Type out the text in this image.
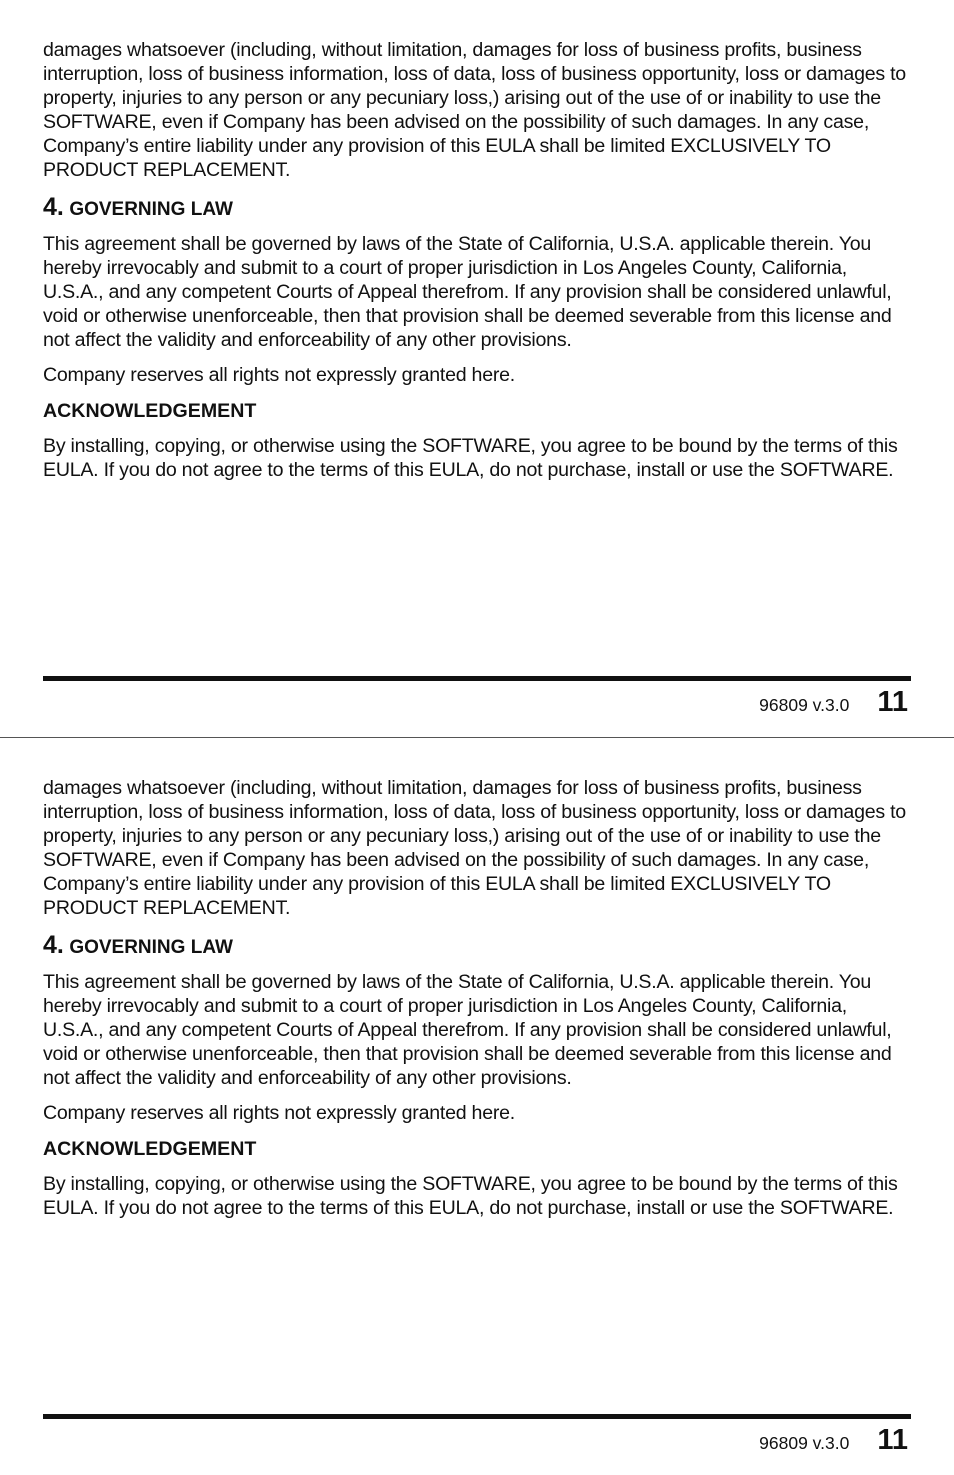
damages whatsoever (including, without limitation, damages for loss of business profits, business interruption, loss of business information, loss of data, loss of business opportunity, loss or damages to property, injuries to any person or any pecuniary loss,) arising out of the use of or inability to use the SOFTWARE, even if Company has been advised on the possibility of such damages. In any case, Company’s entire liability under any provision of this EULA shall be limited EXCLUSIVELY TO PRODUCT REPLACEMENT.

4. GOVERNING LAW

This agreement shall be governed by laws of the State of California, U.S.A. applicable therein. You hereby irrevocably and submit to a court of proper jurisdiction in Los Angeles County, California, U.S.A., and any competent Courts of Appeal therefrom. If any provision shall be considered unlawful, void or otherwise unenforceable, then that provision shall be deemed severable from this license and not affect the validity and enforceability of any other provisions.

Company reserves all rights not expressly granted here.

ACKNOWLEDGEMENT

By installing, copying, or otherwise using the SOFTWARE, you agree to be bound by the terms of this EULA. If you do not agree to the terms of this EULA, do not purchase, install or use the SOFTWARE.

96809 v.3.0 11

damages whatsoever (including, without limitation, damages for loss of business profits, business interruption, loss of business information, loss of data, loss of business opportunity, loss or damages to property, injuries to any person or any pecuniary loss,) arising out of the use of or inability to use the SOFTWARE, even if Company has been advised on the possibility of such damages. In any case, Company’s entire liability under any provision of this EULA shall be limited EXCLUSIVELY TO PRODUCT REPLACEMENT.

4. GOVERNING LAW

This agreement shall be governed by laws of the State of California, U.S.A. applicable therein. You hereby irrevocably and submit to a court of proper jurisdiction in Los Angeles County, California, U.S.A., and any competent Courts of Appeal therefrom. If any provision shall be considered unlawful, void or otherwise unenforceable, then that provision shall be deemed severable from this license and not affect the validity and enforceability of any other provisions.

Company reserves all rights not expressly granted here.

ACKNOWLEDGEMENT

By installing, copying, or otherwise using the SOFTWARE, you agree to be bound by the terms of this EULA. If you do not agree to the terms of this EULA, do not purchase, install or use the SOFTWARE.

96809 v.3.0 11
